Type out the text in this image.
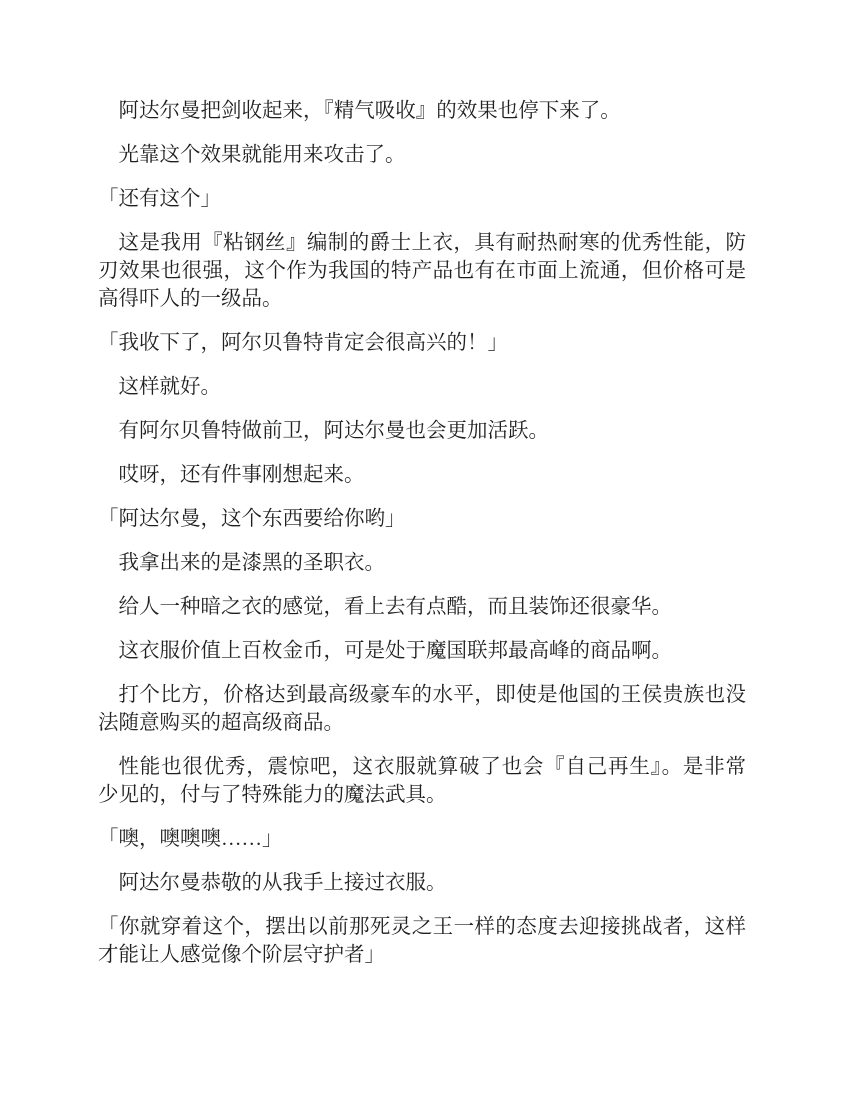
阿达尔曼把剑收起来，『精气吸收』的效果也停下来了。

光靠这个效果就能用来攻击了。

「还有这个」

这是我用『粘钢丝』编制的爵士上衣，具有耐热耐寒的优秀性能，防
刃效果也很强，这个作为我国的特产品也有在市面上流通，但价格可是
高得吓人的一级品。

「我收下了，阿尔贝鲁特肯定会很高兴的！」

这样就好。

有阿尔贝鲁特做前卫，阿达尔曼也会更加活跃。

哎呀，还有件事刚想起来。

「阿达尔曼，这个东西要给你哟」

我拿出来的是漆黑的圣职衣。

给人一种暗之衣的感觉，看上去有点酷，而且装饰还很豪华。

这衣服价值上百枚金币，可是处于魔国联邦最高峰的商品啊。

打个比方，价格达到最高级豪车的水平，即使是他国的王侯贵族也没
法随意购买的超高级商品。

性能也很优秀，震惊吧，这衣服就算破了也会『自己再生』。是非常
少见的，付与了特殊能力的魔法武具。

「噢，噢噢噢……」

阿达尔曼恭敬的从我手上接过衣服。

「你就穿着这个，摆出以前那死灵之王一样的态度去迎接挑战者，这样
才能让人感觉像个阶层守护者」
